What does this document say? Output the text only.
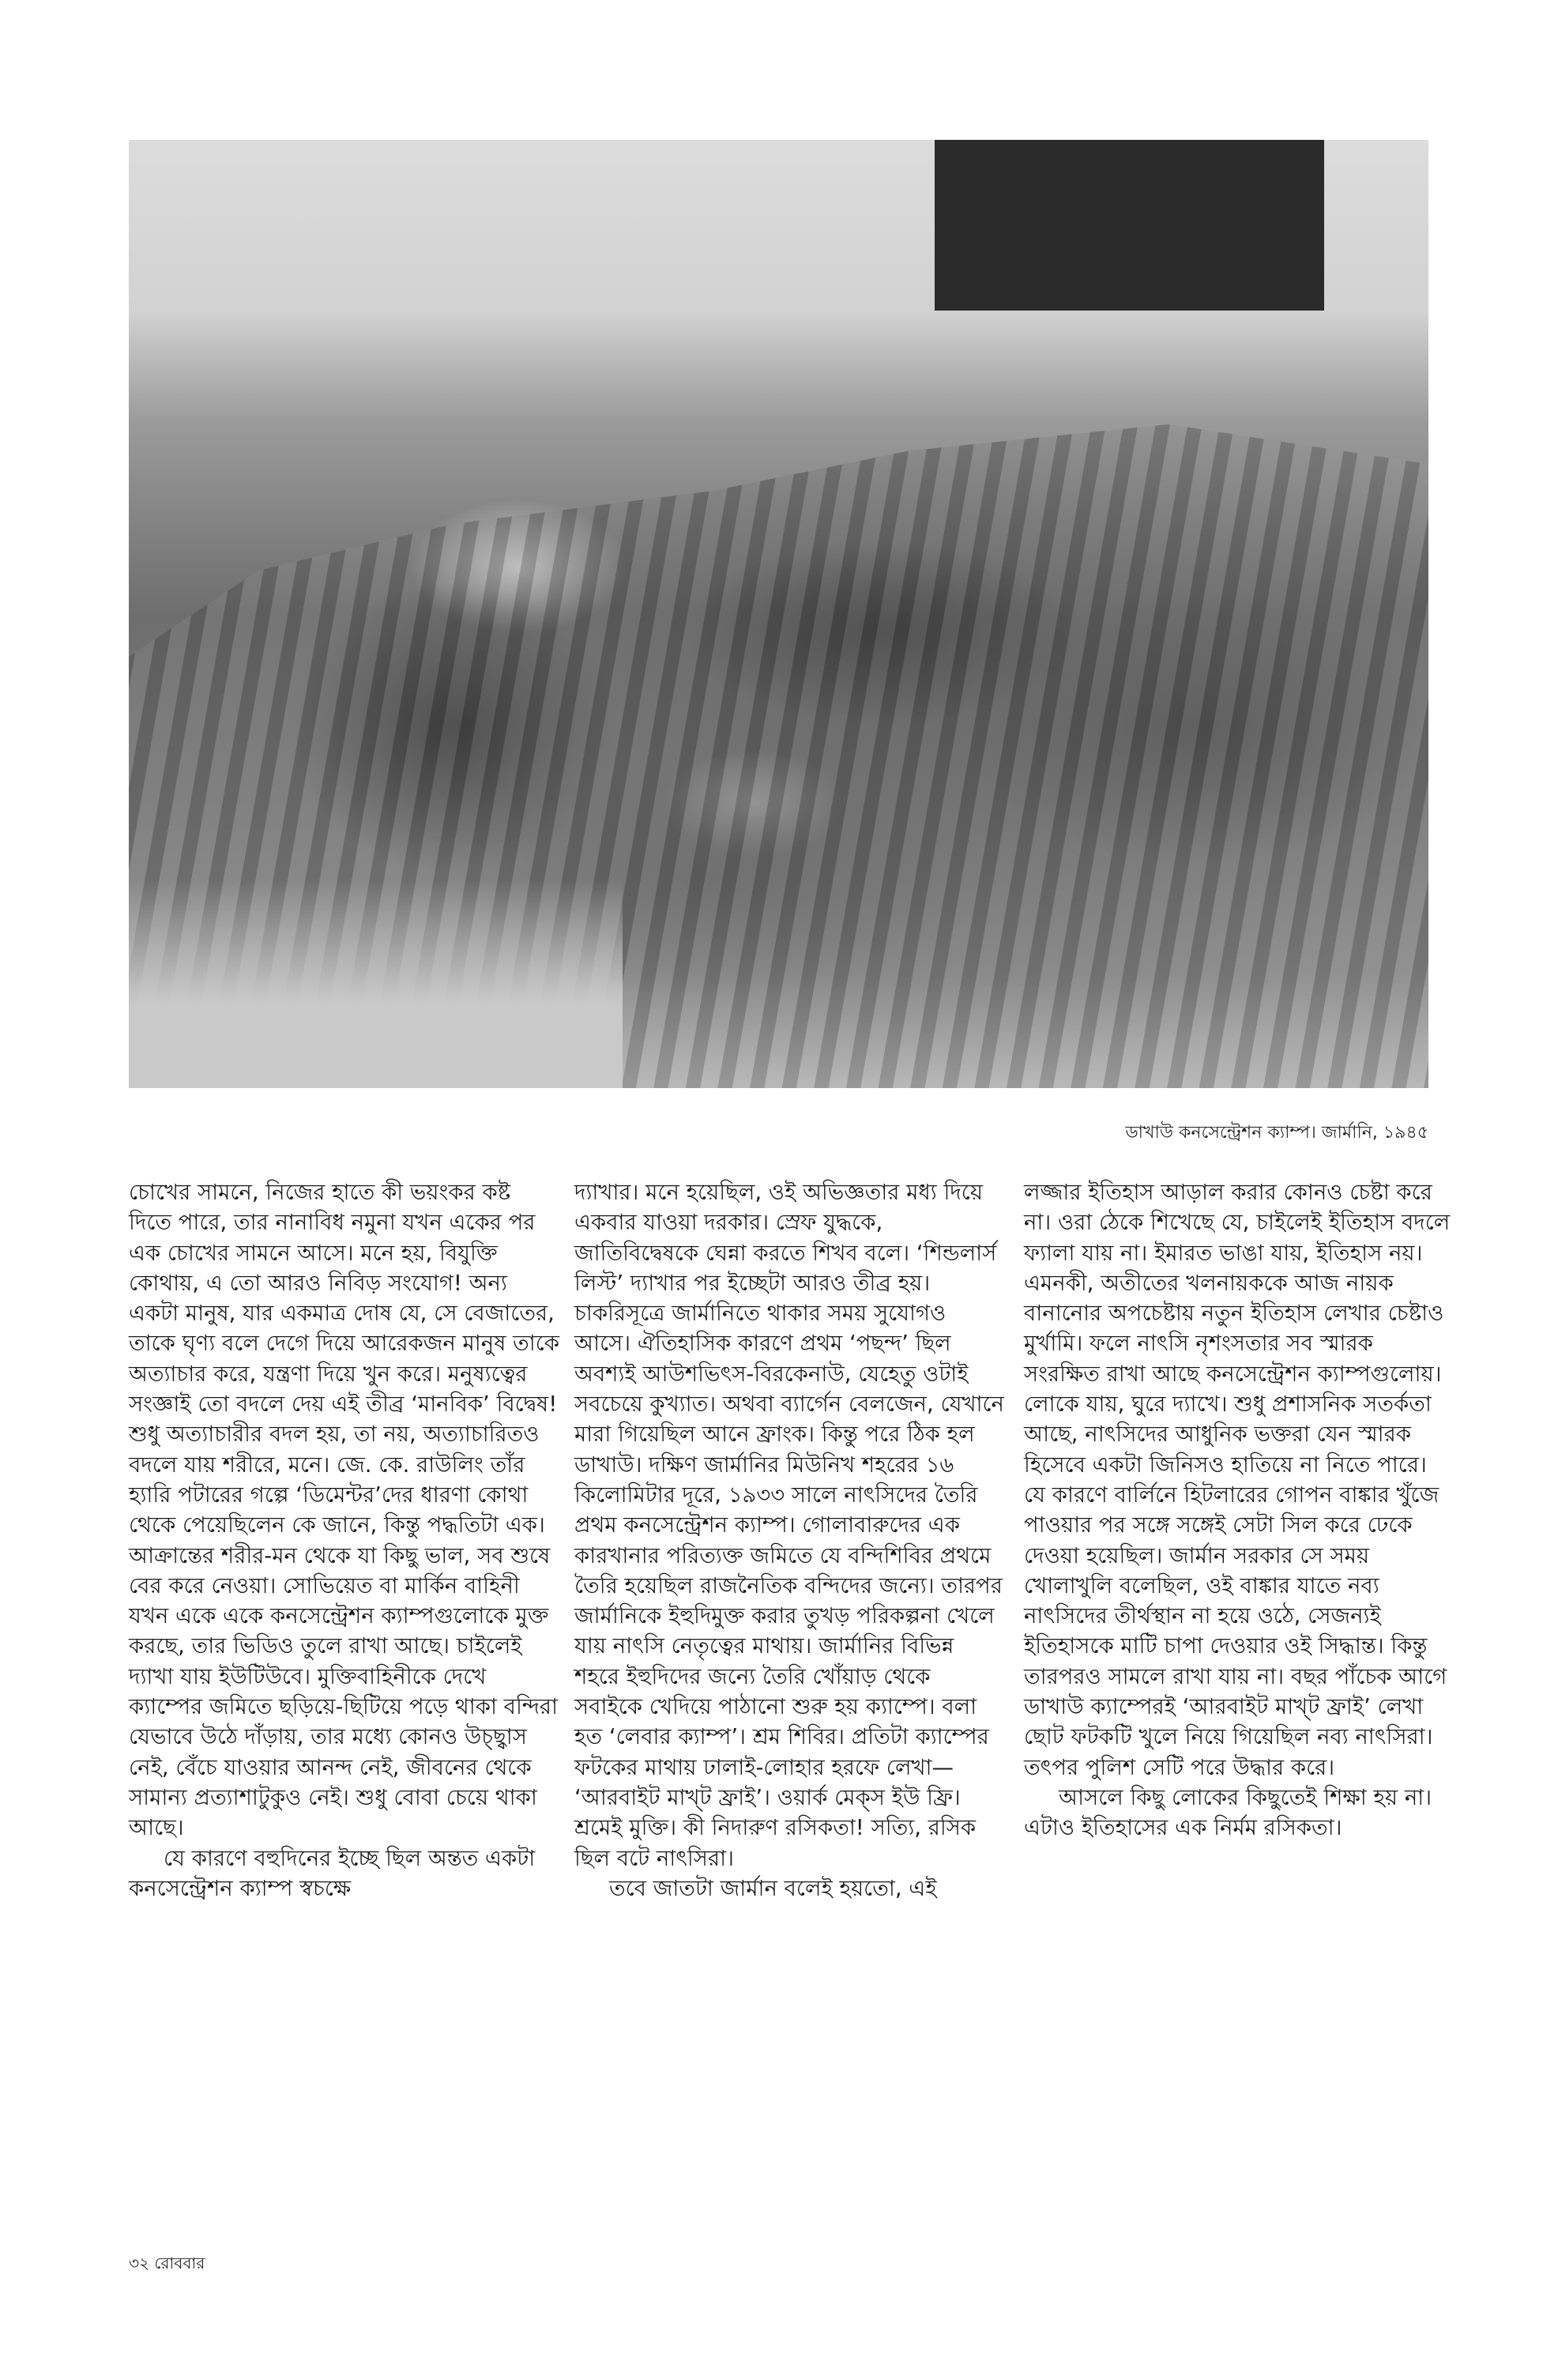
ডাখাউ কনসেন্ট্রেশন ক্যাম্প। জার্মানি, ১৯৪৫

চোখের সামনে, নিজের হাতে কী ভয়ংকর কষ্ট দিতে পারে, তার নানাবিধ নমুনা যখন একের পর এক চোখের সামনে আসে। মনে হয়, বিযুক্তি কোথায়, এ তো আরও নিবিড় সংযোগ! অন্য একটা মানুষ, যার একমাত্র দোষ যে, সে বেজাতের, তাকে ঘৃণ্য বলে দেগে দিয়ে আরেকজন মানুষ তাকে অত্যাচার করে, যন্ত্রণা দিয়ে খুন করে। মনুষ্যত্বের সংজ্ঞাই তো বদলে দেয় এই তীব্র ‘মানবিক’ বিদ্বেষ! শুধু অত্যাচারীর বদল হয়, তা নয়, অত্যাচারিতও বদলে যায় শরীরে, মনে। জে. কে. রাউলিং তাঁর হ্যারি পটারের গল্পে ‘ডিমেন্টর’দের ধারণা কোথা থেকে পেয়েছিলেন কে জানে, কিন্তু পদ্ধতিটা এক। আক্রান্তের শরীর-মন থেকে যা কিছু ভাল, সব শুষে বের করে নেওয়া। সোভিয়েত বা মার্কিন বাহিনী যখন একে একে কনসেন্ট্রেশন ক্যাম্পগুলোকে মুক্ত করছে, তার ভিডিও তুলে রাখা আছে। চাইলেই দ্যাখা যায় ইউটিউবে। মুক্তিবাহিনীকে দেখে ক্যাম্পের জমিতে ছড়িয়ে-ছিটিয়ে পড়ে থাকা বন্দিরা যেভাবে উঠে দাঁড়ায়, তার মধ্যে কোনও উচ্ছ্বাস নেই, বেঁচে যাওয়ার আনন্দ নেই, জীবনের থেকে সামান্য প্রত্যাশাটুকুও নেই। শুধু বোবা চেয়ে থাকা আছে।

যে কারণে বহুদিনের ইচ্ছে ছিল অন্তত একটা কনসেন্ট্রেশন ক্যাম্প স্বচক্ষে

দ্যাখার। মনে হয়েছিল, ওই অভিজ্ঞতার মধ্য দিয়ে একবার যাওয়া দরকার। স্রেফ যুদ্ধকে, জাতিবিদ্বেষকে ঘেন্না করতে শিখব বলে। ‘শিন্ডলার্স লিস্ট’ দ্যাখার পর ইচ্ছেটা আরও তীব্র হয়। চাকরিসূত্রে জার্মানিতে থাকার সময় সুযোগও আসে। ঐতিহাসিক কারণে প্রথম ‘পছন্দ’ ছিল অবশ্যই আউশভিৎস-বিরকেনাউ, যেহেতু ওটাই সবচেয়ে কুখ্যাত। অথবা ব্যার্গেন বেলজেন, যেখানে মারা গিয়েছিল আনে ফ্রাংক। কিন্তু পরে ঠিক হল ডাখাউ। দক্ষিণ জার্মানির মিউনিখ শহরের ১৬ কিলোমিটার দূরে, ১৯৩৩ সালে নাৎসিদের তৈরি প্রথম কনসেন্ট্রেশন ক্যাম্প। গোলাবারুদের এক কারখানার পরিত্যক্ত জমিতে যে বন্দিশিবির প্রথমে তৈরি হয়েছিল রাজনৈতিক বন্দিদের জন্যে। তারপর জার্মানিকে ইহুদিমুক্ত করার তুখড় পরিকল্পনা খেলে যায় নাৎসি নেতৃত্বের মাথায়। জার্মানির বিভিন্ন শহরে ইহুদিদের জন্যে তৈরি খোঁয়াড় থেকে সবাইকে খেদিয়ে পাঠানো শুরু হয় ক্যাম্পে। বলা হত ‘লেবার ক্যাম্প’। শ্রম শিবির। প্রতিটা ক্যাম্পের ফটকের মাথায় ঢালাই-লোহার হরফে লেখা— ‘আরবাইট মাখ্‌ট ফ্রাই’। ওয়ার্ক মেক্‌স ইউ ফ্রি। শ্রমেই মুক্তি। কী নিদারুণ রসিকতা! সত্যি, রসিক ছিল বটে নাৎসিরা।

তবে জাতটা জার্মান বলেই হয়তো, এই

লজ্জার ইতিহাস আড়াল করার কোনও চেষ্টা করে না। ওরা ঠেকে শিখেছে যে, চাইলেই ইতিহাস বদলে ফ্যালা যায় না। ইমারত ভাঙা যায়, ইতিহাস নয়। এমনকী, অতীতের খলনায়ককে আজ নায়ক বানানোর অপচেষ্টায় নতুন ইতিহাস লেখার চেষ্টাও মুর্খামি। ফলে নাৎসি নৃশংসতার সব স্মারক সংরক্ষিত রাখা আছে কনসেন্ট্রেশন ক্যাম্পগুলোয়। লোকে যায়, ঘুরে দ্যাখে। শুধু প্রশাসনিক সতর্কতা আছে, নাৎসিদের আধুনিক ভক্তরা যেন স্মারক হিসেবে একটা জিনিসও হাতিয়ে না নিতে পারে। যে কারণে বার্লিনে হিটলারের গোপন বাঙ্কার খুঁজে পাওয়ার পর সঙ্গে সঙ্গেই সেটা সিল করে ঢেকে দেওয়া হয়েছিল। জার্মান সরকার সে সময় খোলাখুলি বলেছিল, ওই বাঙ্কার যাতে নব্য নাৎসিদের তীর্থস্থান না হয়ে ওঠে, সেজন্যই ইতিহাসকে মাটি চাপা দেওয়ার ওই সিদ্ধান্ত। কিন্তু তারপরও সামলে রাখা যায় না। বছর পাঁচেক আগে ডাখাউ ক্যাম্পেরই ‘আরবাইট মাখ্‌ট ফ্রাই’ লেখা ছোট ফটকটি খুলে নিয়ে গিয়েছিল নব্য নাৎসিরা। তৎপর পুলিশ সেটি পরে উদ্ধার করে।

আসলে কিছু লোকের কিছুতেই শিক্ষা হয় না। এটাও ইতিহাসের এক নির্মম রসিকতা।

৩২ রোববার
